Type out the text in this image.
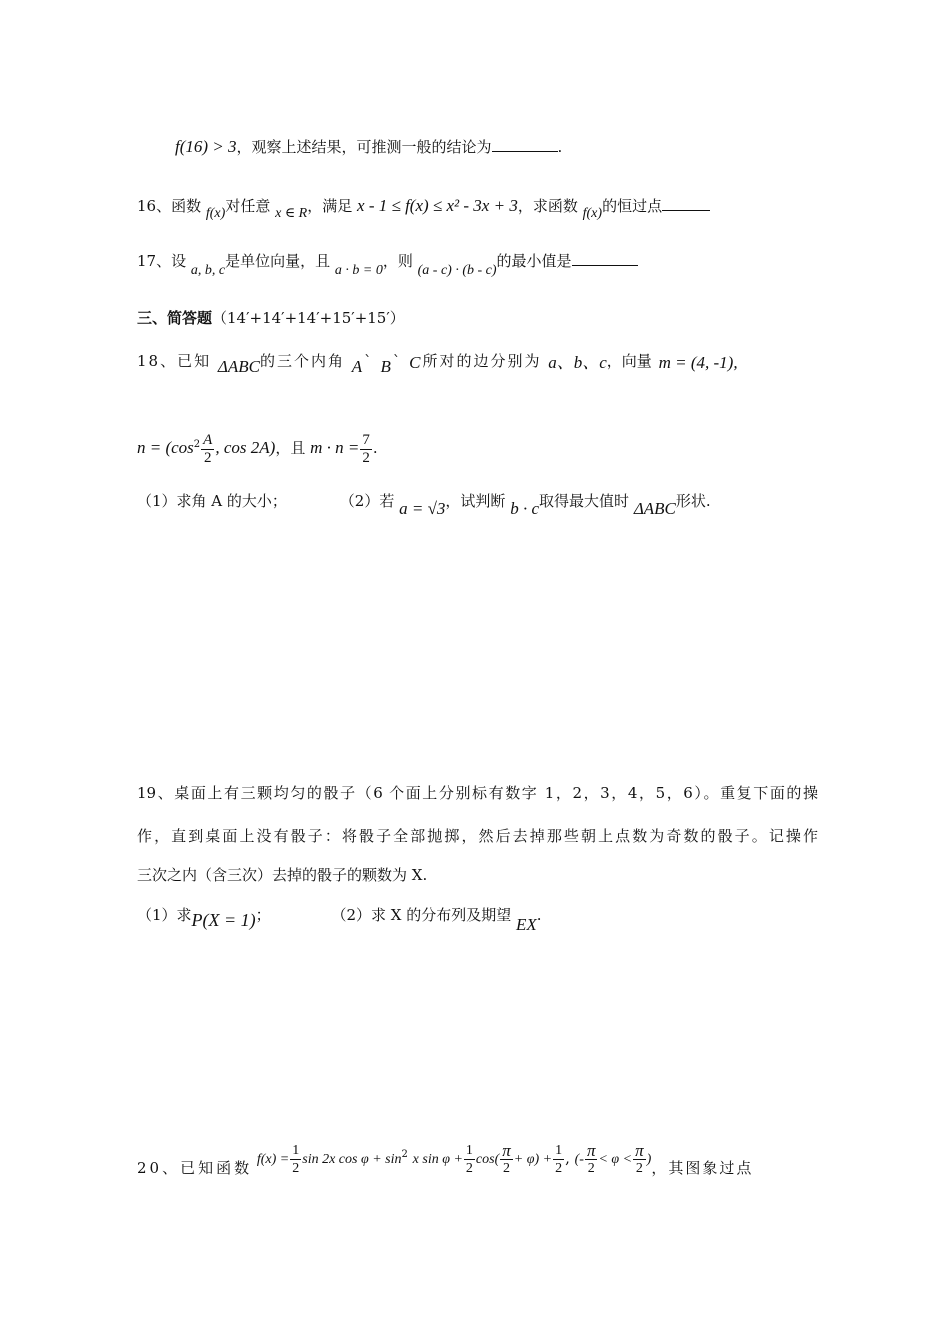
f(16) > 3，观察上述结果，可推测一般的结论为	.
16、函数 f(x)对任意 x ∈ R，满足 x - 1 ≤ f(x) ≤ x² - 3x + 3，求函数 f(x)的恒过点
17、设 a, b, c是单位向量，且 a · b = 0，则 (a - c) · (b - c)的最小值是
三、简答题（14′+14′+14′+15′+15′）
18、已知 ΔABC的三个内角 A` B` C所对的边分别为 a、b、c，向量 m = (4, -1),
$n = (\cos^2 \frac{A}{2}$ , cos 2A)，且 $m \cdot n = \frac{7}{2}$ .
（1）求角 A 的大小；	（2）若 a = √3，试判断 b · c取得最大值时 ΔABC形状.
19、桌面上有三颗均匀的骰子（6 个面上分别标有数字 1，2，3，4，5，6）。重复下面的操
作，直到桌面上没有骰子：将骰子全部抛掷，然后去掉那些朝上点数为奇数的骰子。记操作
三次之内（含三次）去掉的骰子的颗数为 X.
（1）求P(X = 1)；	（2）求 X 的分布列及期望 EX.
20、已知函数 $f(x) = \frac{1}{2}$ sin 2x $\cos \varphi + \sin^2 x$ $\sin \varphi + \frac{1}{2} \cos( \frac{\pi}{2} + \varphi) + \frac{1}{2}$ , (- $\frac{\pi}{2} < \varphi < \frac{\pi}{2}$ )，其图象过点
